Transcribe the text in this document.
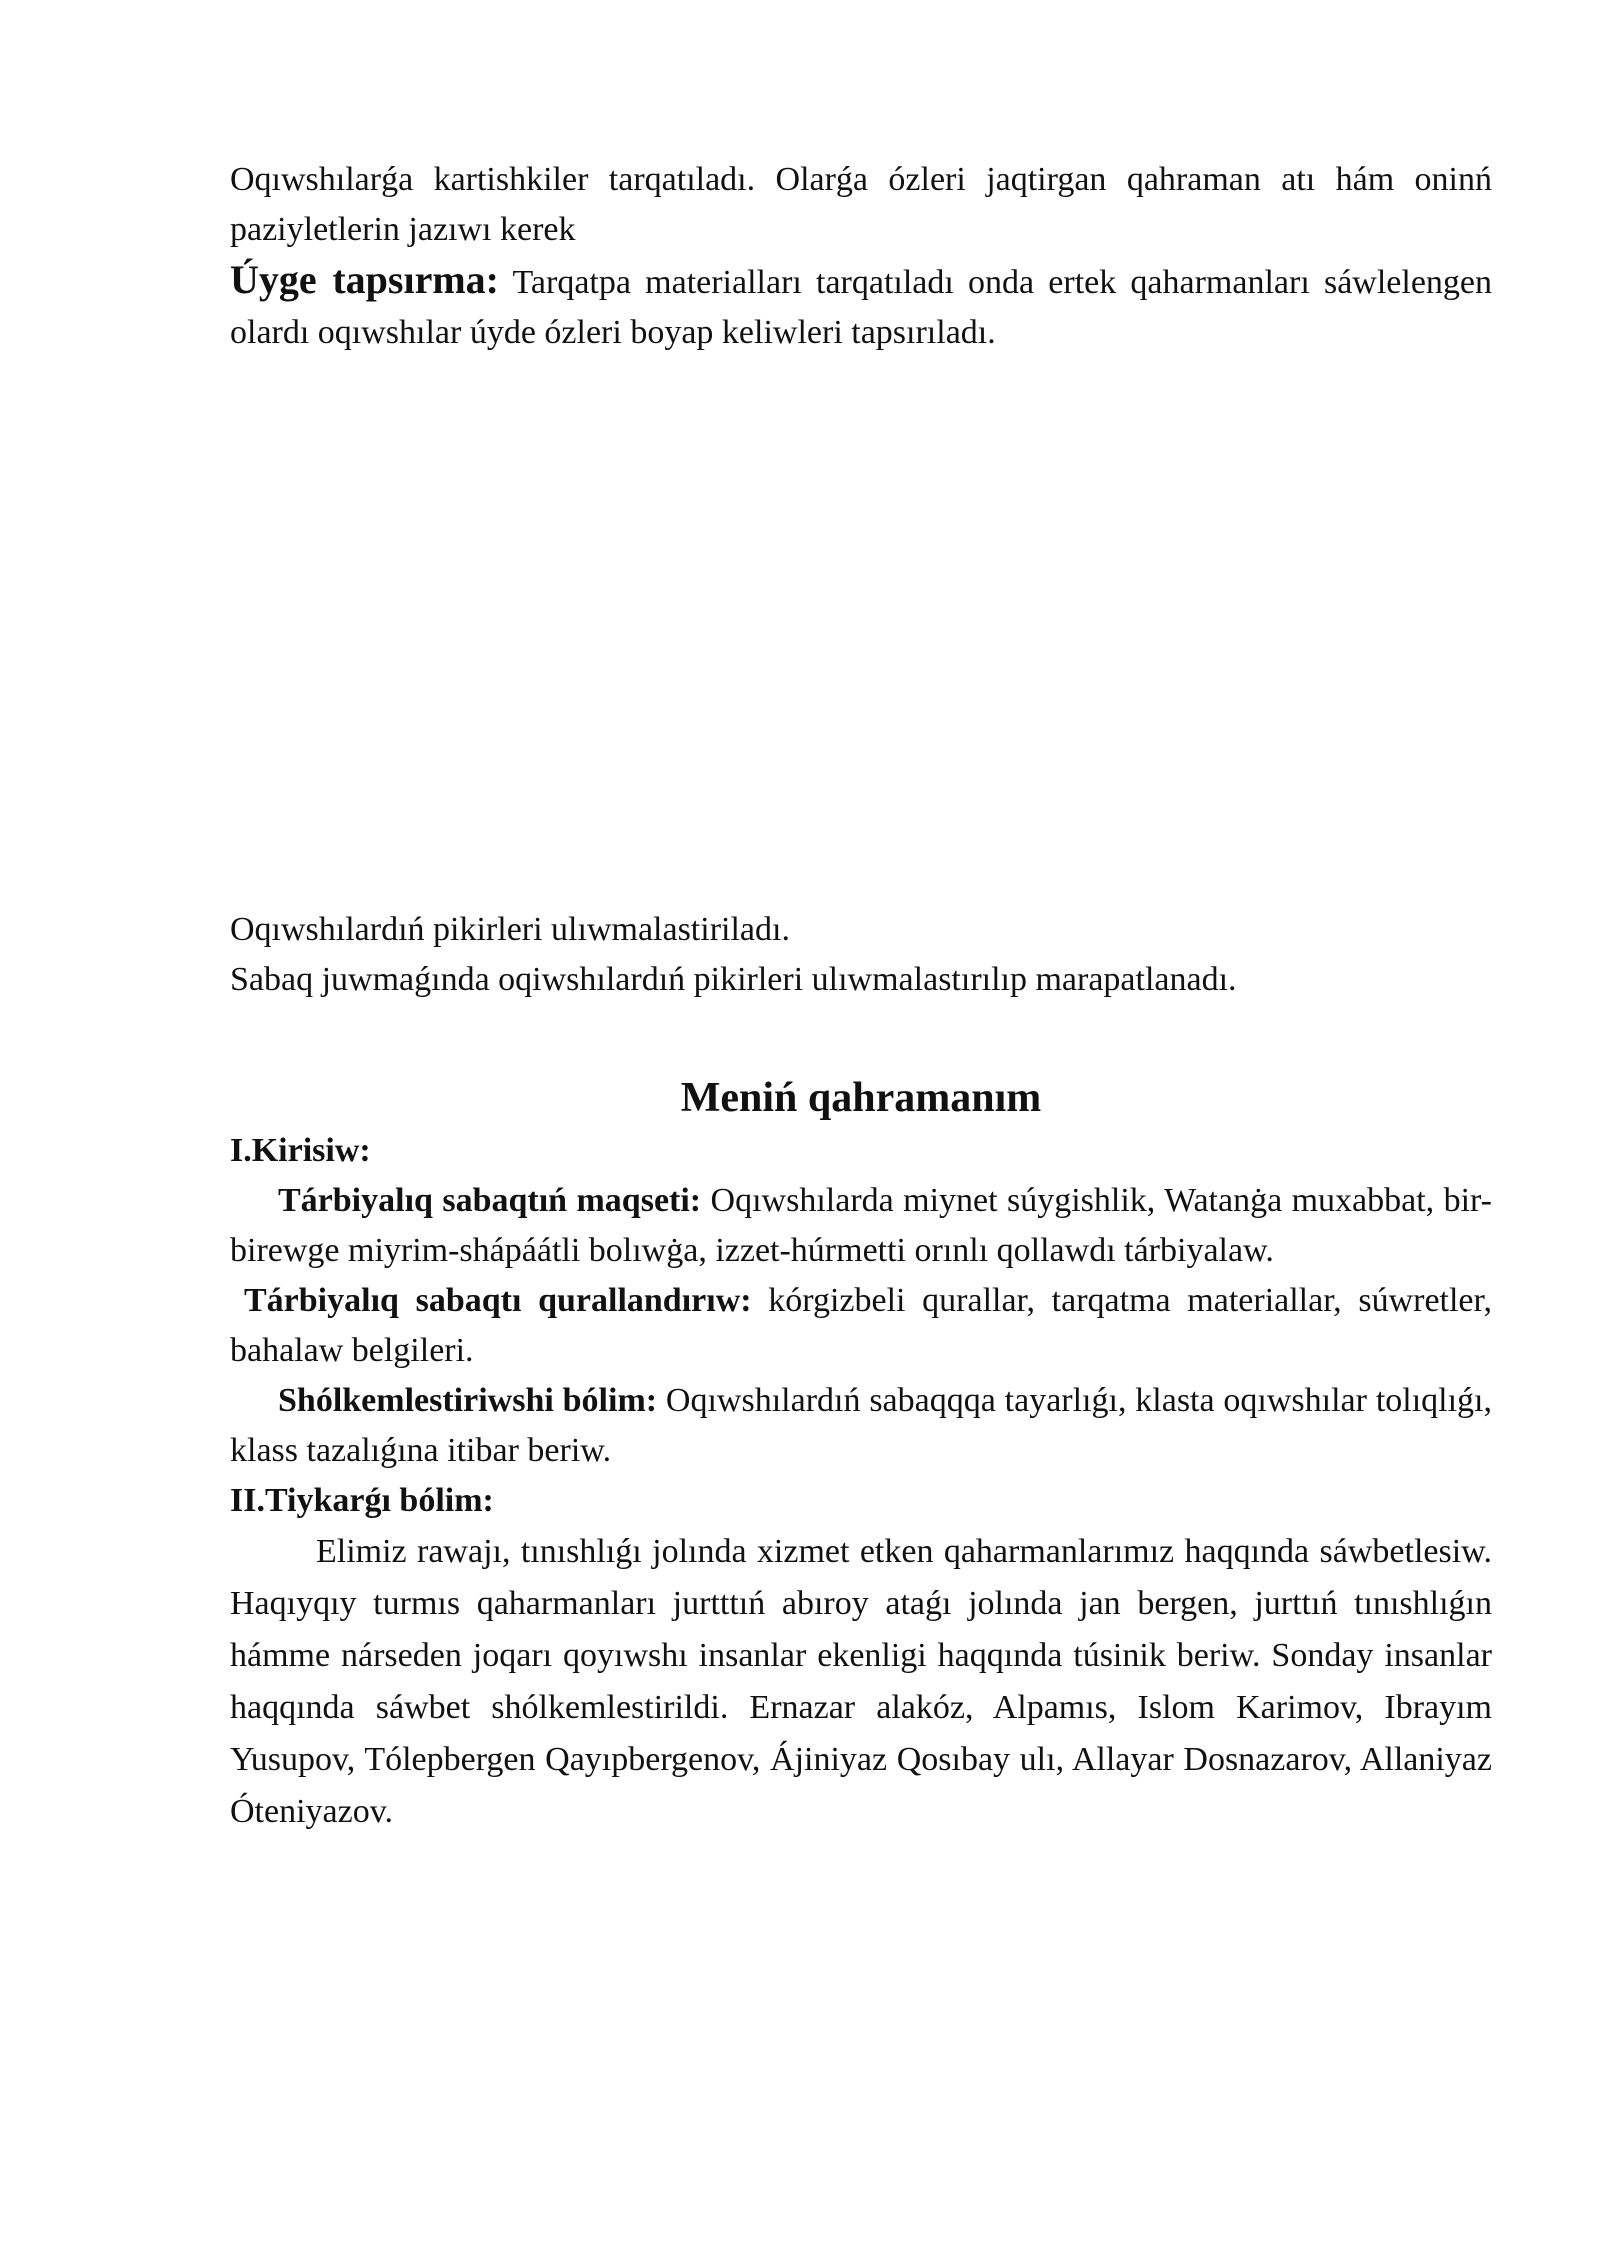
Oqıwshılarǵa kartishkiler tarqatıladı. Olarǵa ózleri jaqtirgan qahraman atı hám oninń paziyletlerin jazıwı kerek

Úyge tapsırma: Tarqatpa materialları tarqatıladı onda ertek qaharmanları sáwlelengen olardı oqıwshılar úyde ózleri boyap keliwleri tapsırıladı.

Oqıwshılardıń pikirleri ulıwmalastiriladı.

Sabaq juwmaǵında oqiwshılardıń pikirleri ulıwmalastırılıp marapatlanadı.

Meniń qahramanım

I.Kirisiw:

Tárbiyalıq sabaqtıń maqseti: Oqıwshılarda miynet súygishlik, Watanġa muxabbat, bir-birewge miyrim-shápáátli bolıwġa, izzet-húrmetti orınlı qollawdı tárbiyalaw.

Tárbiyalıq sabaqtı qurallandırıw: kórgizbeli qurallar, tarqatma materiallar, súwretler, bahalaw belgileri.

Shólkemlestiriwshi bólim: Oqıwshılardıń sabaqqqa tayarlıǵı, klasta oqıwshılar tolıqlıǵı, klass tazalıǵına itibar beriw.

II.Tiykarǵı bólim:

Elimiz rawajı, tınıshlıǵı jolında xizmet etken qaharmanlarımız haqqında sáwbetlesiw. Haqıyqıy turmıs qaharmanları jurtttıń abıroy ataǵı jolında jan bergen, jurttıń tınıshlıǵın hámme nárseden joqarı qoyıwshı insanlar ekenligi haqqında túsinik beriw. Sonday insanlar haqqında sáwbet shólkemlestirildi. Ernazar alakóz, Alpamıs, Islom Karimov, Ibrayım Yusupov, Tólepbergen Qayıpbergenov, Ájiniyaz Qosıbay ulı, Allayar Dosnazarov, Allaniyaz Óteniyazov.
